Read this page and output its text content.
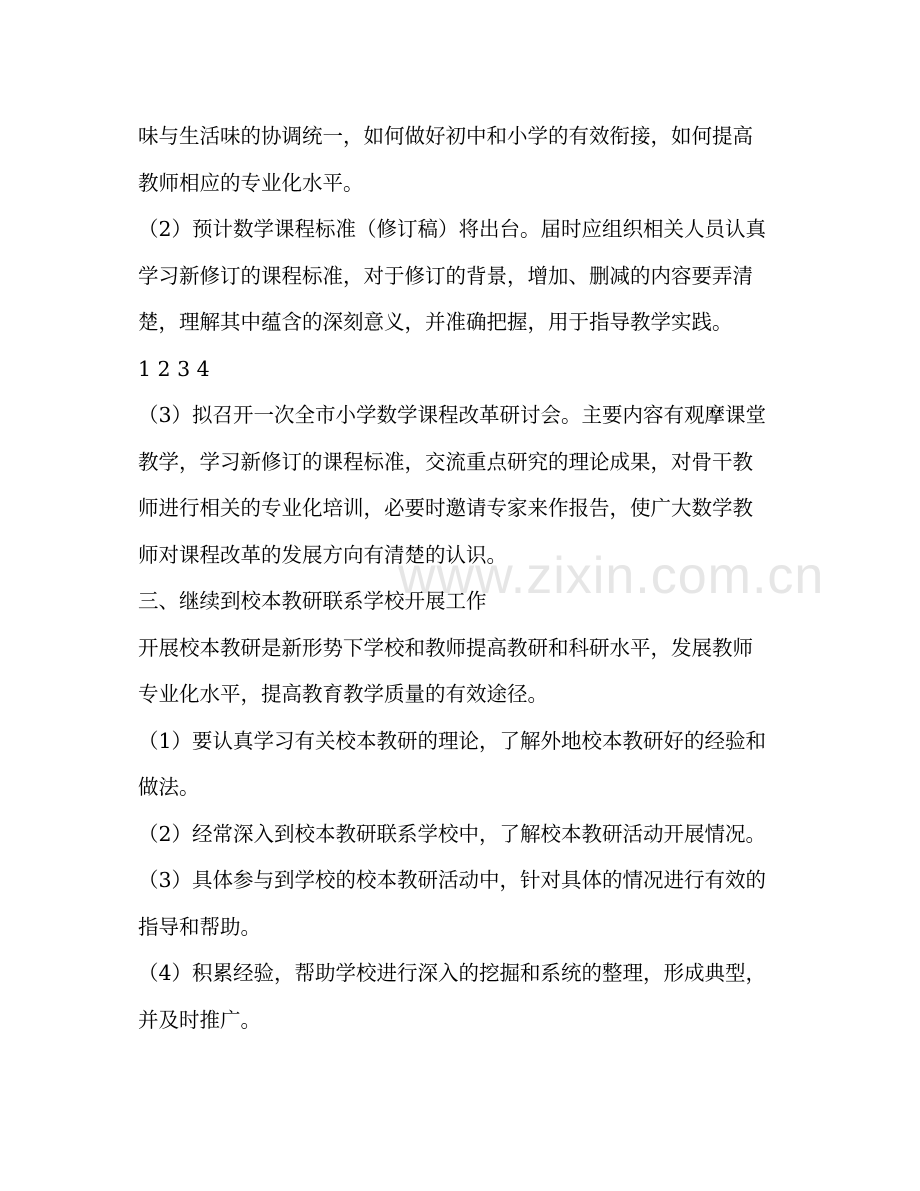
味与生活味的协调统一，如何做好初中和小学的有效衔接，如何提高
教师相应的专业化水平。
（2）预计数学课程标准（修订稿）将出台。届时应组织相关人员认真
学习新修订的课程标准，对于修订的背景，增加、删减的内容要弄清
楚，理解其中蕴含的深刻意义，并准确把握，用于指导教学实践。
1 2 3 4
（3）拟召开一次全市小学数学课程改革研讨会。主要内容有观摩课堂
教学，学习新修订的课程标准，交流重点研究的理论成果，对骨干教
师进行相关的专业化培训，必要时邀请专家来作报告，使广大数学教
师对课程改革的发展方向有清楚的认识。
三、继续到校本教研联系学校开展工作
开展校本教研是新形势下学校和教师提高教研和科研水平，发展教师
专业化水平，提高教育教学质量的有效途径。
（1）要认真学习有关校本教研的理论，了解外地校本教研好的经验和
做法。
（2）经常深入到校本教研联系学校中，了解校本教研活动开展情况。
（3）具体参与到学校的校本教研活动中，针对具体的情况进行有效的
指导和帮助。
（4）积累经验，帮助学校进行深入的挖掘和系统的整理，形成典型，
并及时推广。
www.zixin.com.cn
